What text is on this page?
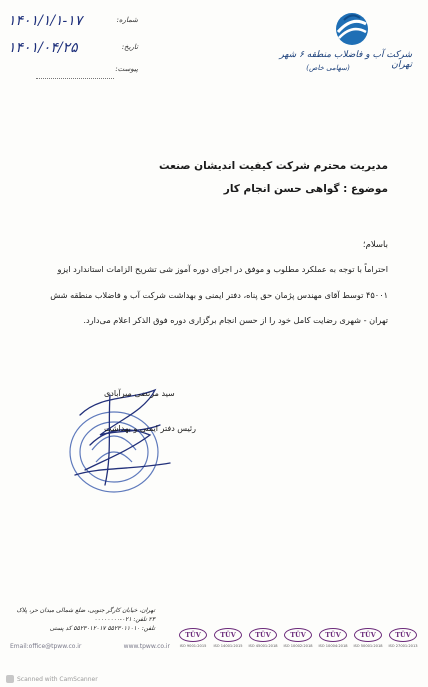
شرکت آب و فاضلاب منطقه ۶ شهر تهران
(سهامی خاص)
۱۴۰۱/۱/۱-۱۷	شماره:
۱۴۰۱/۰۴/۲۵	تاریخ:
پیوست:
مدیریت محترم شرکت کیفیت اندیشان صنعت
موضوع : گواهی حسن انجام کار
باسلام؛
احتراماً با توجه به عملکرد مطلوب و موفق در اجرای دوره آموز شی تشریح الزامات استاندارد ایزو
۴۵۰۰۱ توسط آقای مهندس پژمان حق پناه، دفتر ایمنی و بهداشت شرکت آب و فاضلاب منطقه شش
تهران - شهری رضایت کامل خود را از حسن انجام برگزاری دوره فوق الذکر اعلام می‌دارد.
سید مرتضی میرآبادی
رئیس دفتر ایمنی و بهداشت
تهران، خیابان کارگر جنوبی، ضلع شمالی میدان حر، پلاک ۲۳ تلفن: ۰۲۱-۰۰۰۰۰۰۰۰
تلفن: ۵۵۲۳۰۱۱۰۱۰ ۵۵۲۳۰۱۲۰۱۷ کد پستی
Email:office@tpww.co.ir	www.tpww.co.ir
TÜV
ISO 9001:2015
TÜV
ISO 14001:2015
TÜV
ISO 45001:2018
TÜV
ISO 10002:2018
TÜV
ISO 10004:2018
TÜV
ISO 50001:2018
TÜV
ISO 27001:2013
Scanned with CamScanner
